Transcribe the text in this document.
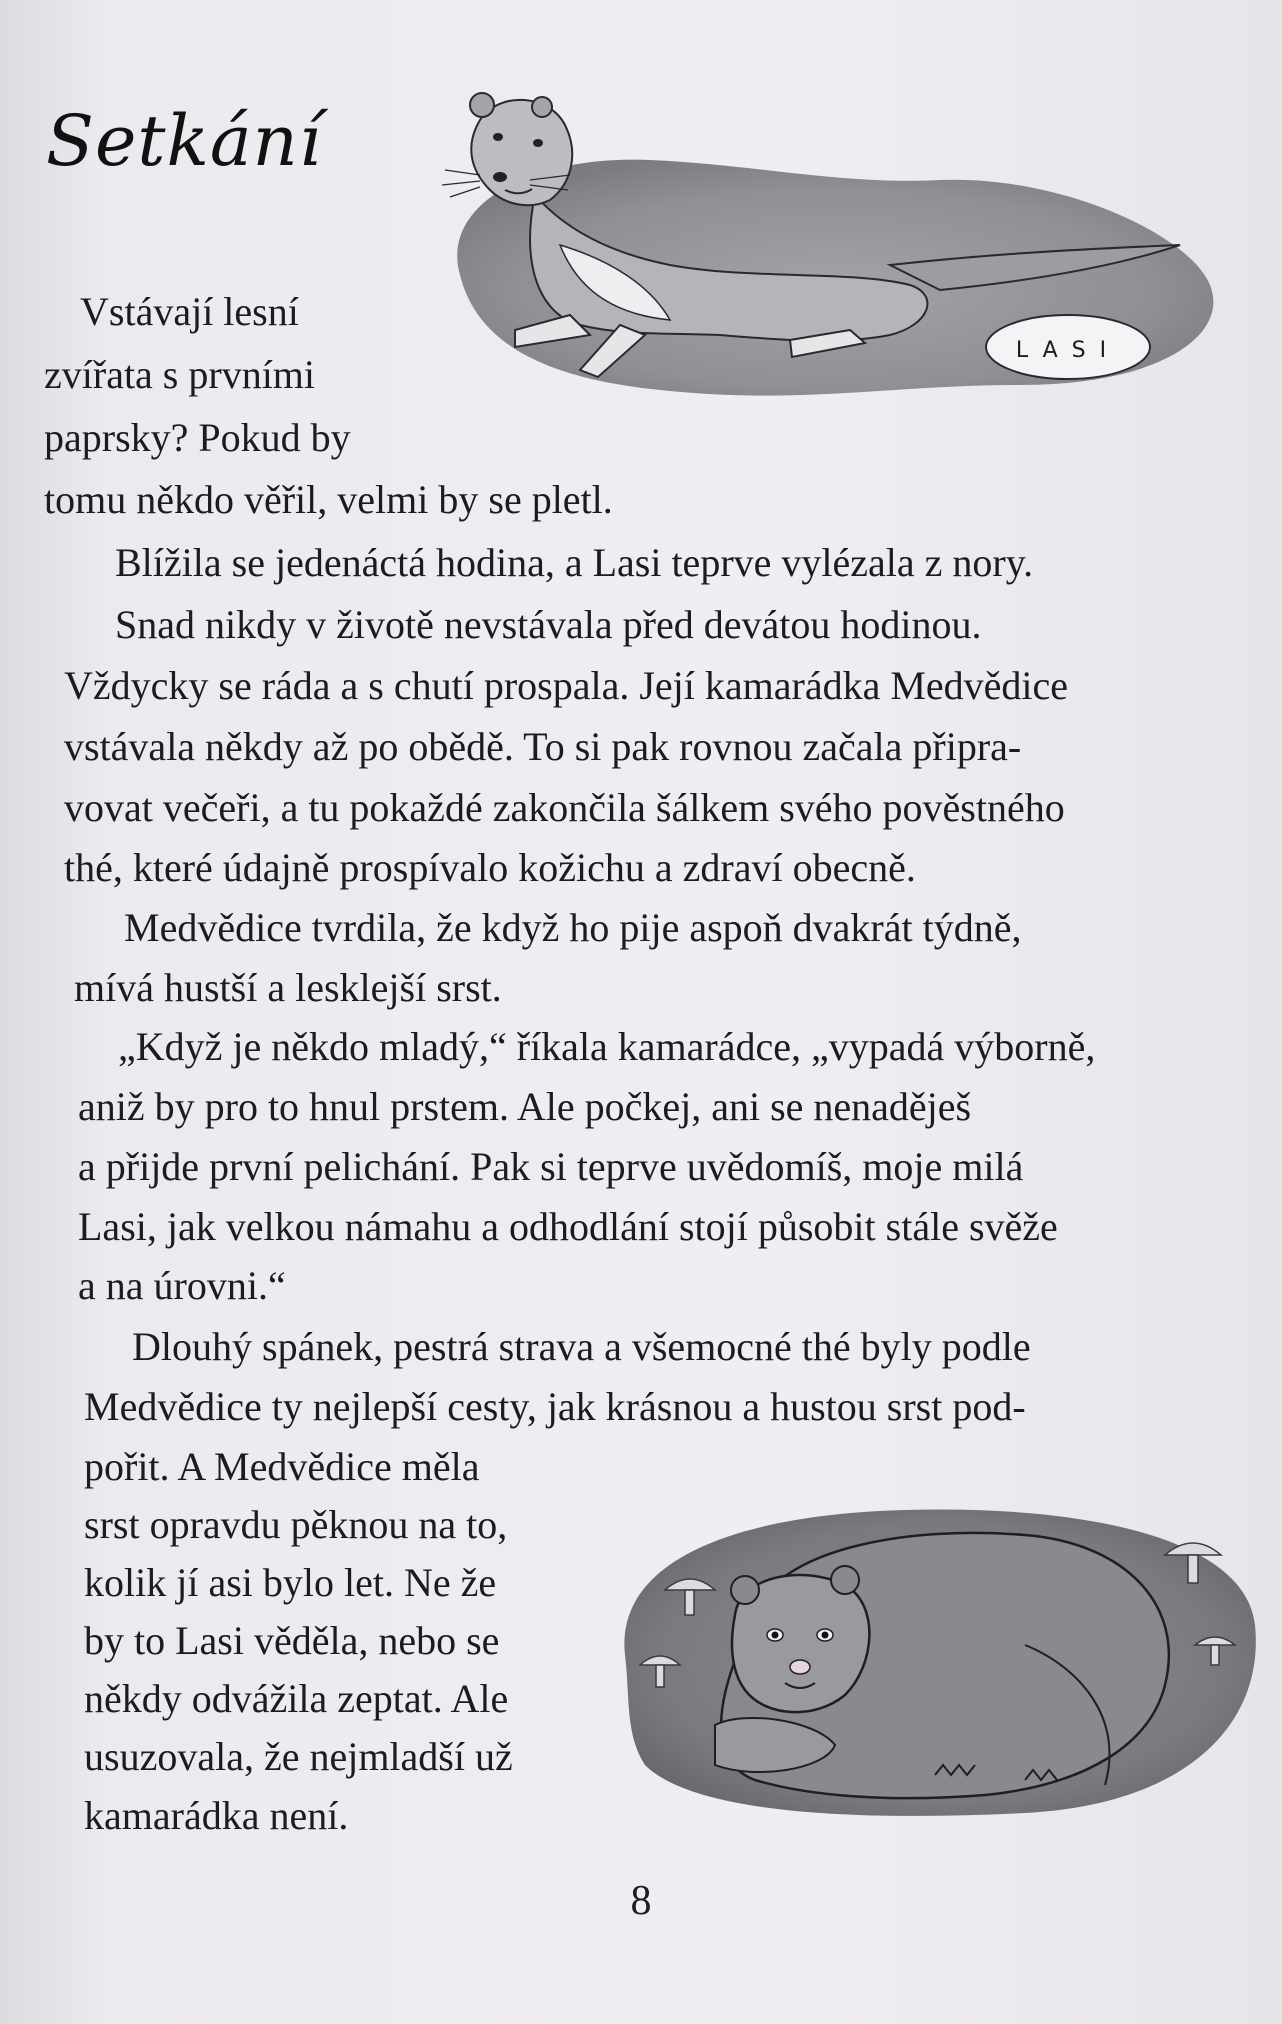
Setkání
LASI
Vstávají lesní
zvířata s prvními
paprsky? Pokud by
tomu někdo věřil, velmi by se pletl.
Blížila se jedenáctá hodina, a Lasi teprve vylézala z nory.
Snad nikdy v životě nevstávala před devátou hodinou.
Vždycky se ráda a s chutí prospala. Její kamarádka Medvědice
vstávala někdy až po obědě. To si pak rovnou začala připra-
vovat večeři, a tu pokaždé zakončila šálkem svého pověstného
thé, které údajně prospívalo kožichu a zdraví obecně.
Medvědice tvrdila, že když ho pije aspoň dvakrát týdně,
mívá hustší a lesklejší srst.
„Když je někdo mladý,“ říkala kamarádce, „vypadá výborně,
aniž by pro to hnul prstem. Ale počkej, ani se nenaděješ
a přijde první pelichání. Pak si teprve uvědomíš, moje milá
Lasi, jak velkou námahu a odhodlání stojí působit stále svěže
a na úrovni.“
Dlouhý spánek, pestrá strava a všemocné thé byly podle
Medvědice ty nejlepší cesty, jak krásnou a hustou srst pod-
pořit. A Medvědice měla
srst opravdu pěknou na to,
kolik jí asi bylo let. Ne že
by to Lasi věděla, nebo se
někdy odvážila zeptat. Ale
usuzovala, že nejmladší už
kamarádka není.
8
